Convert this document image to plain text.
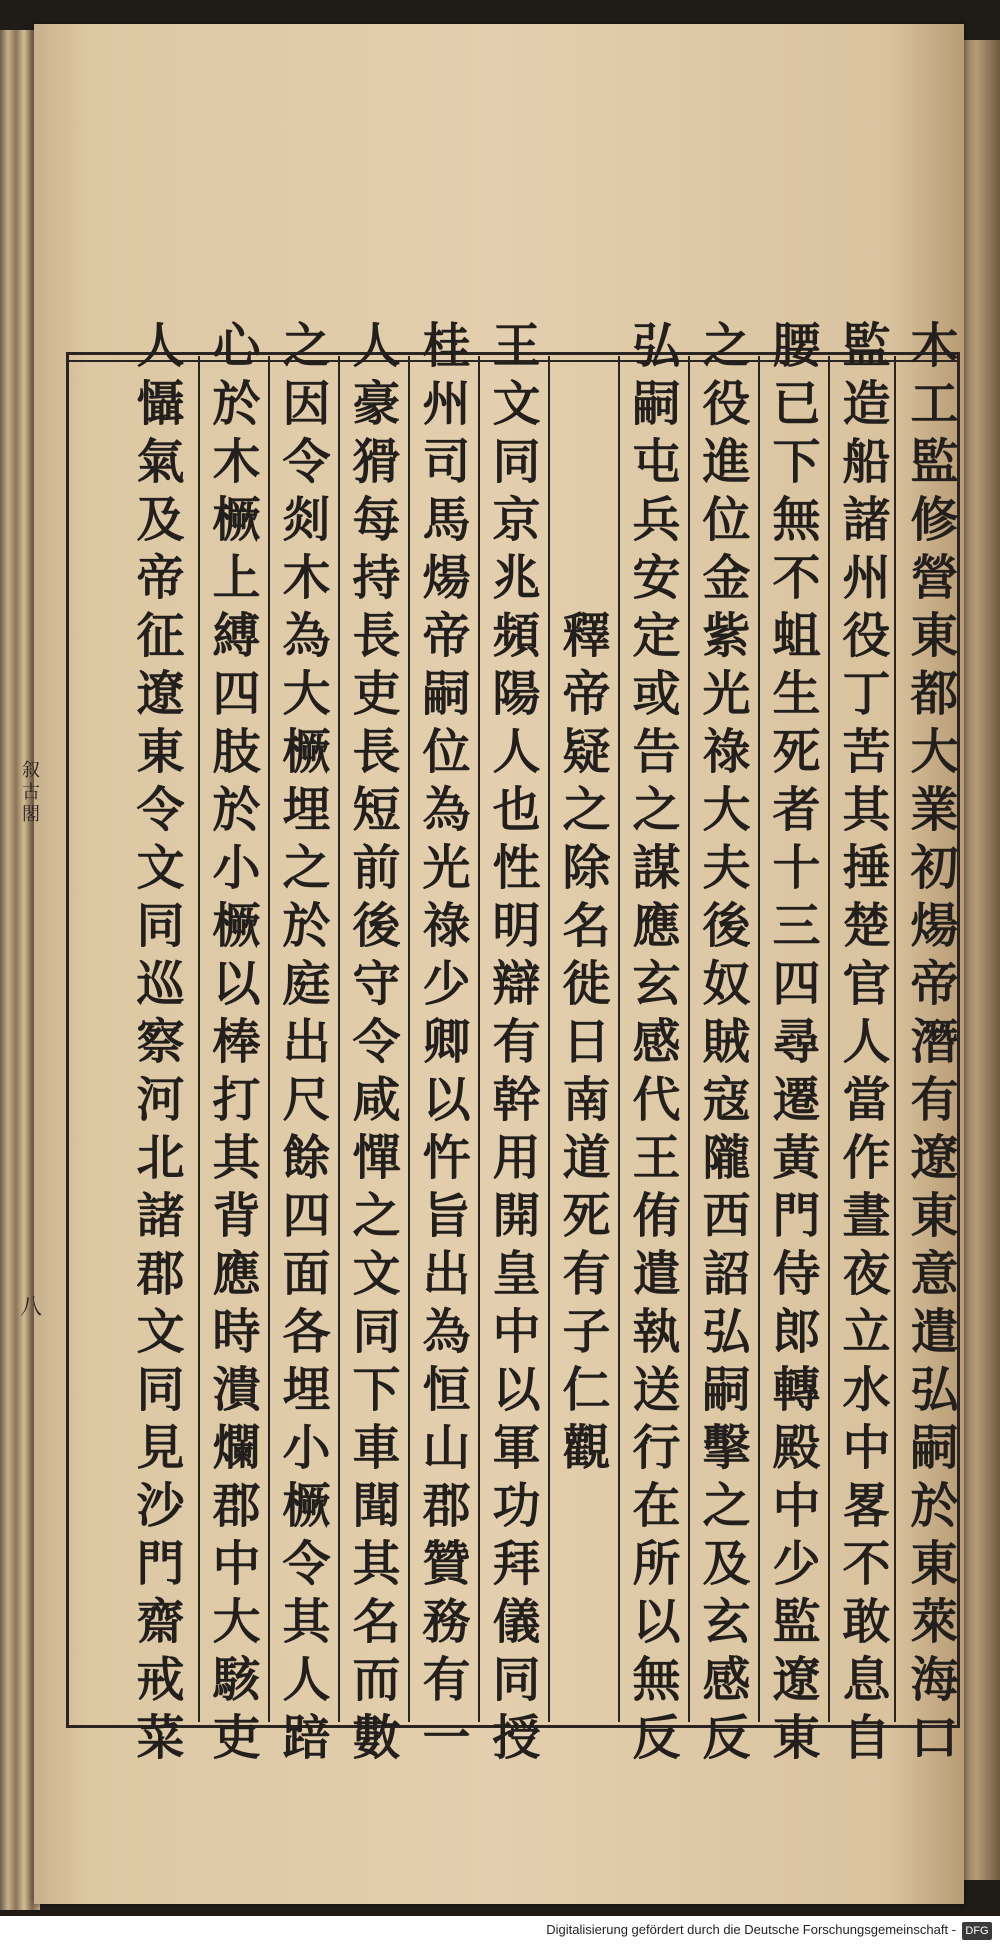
叙古閣
八	木工監修營東都大業初煬帝潛有遼東意遣弘嗣於東萊海口
監造船諸州役丁苦其捶楚官人當作晝夜立水中畧不敢息自
腰已下無不蛆生死者十三四尋遷黃門侍郎轉殿中少監遼東
之役進位金紫光祿大夫後奴賊寇隴西詔弘嗣擊之及玄感反
弘嗣屯兵安定或告之謀應玄感代王侑遣執送行在所以無反
釋帝疑之除名徙日南道死有子仁觀
王文同京兆頻陽人也性明辯有幹用開皇中以軍功拜儀同授
桂州司馬煬帝嗣位為光祿少卿以忤旨出為恒山郡贊務有一
人豪猾每持長吏長短前後守令咸憚之文同下車聞其名而數
之因令剡木為大橛埋之於庭出尺餘四面各埋小橛令其人踣
心於木橛上縛四肢於小橛以棒打其背應時潰爛郡中大駭吏
人懾氣及帝征遼東令文同巡察河北諸郡文同見沙門齋戒菜
Digitalisierung gefördert durch die Deutsche Forschungsgemeinschaft - DFG
